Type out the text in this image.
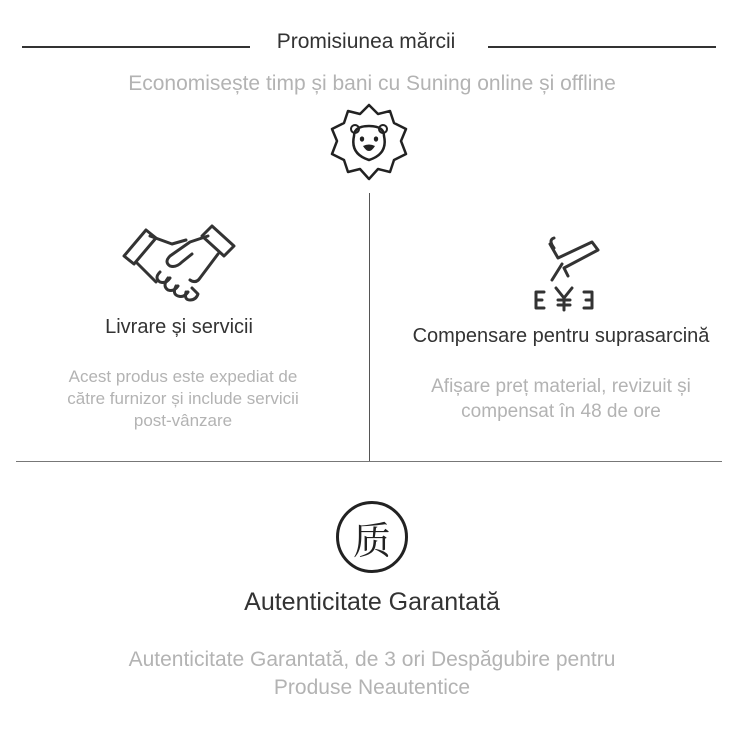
Promisiunea mărcii
Economisește timp și bani cu Suning online și offline
Livrare și servicii
Acest produs este expediat de
către furnizor și include servicii
post-vânzare
Compensare pentru suprasarcină
Afișare preț material, revizuit și
compensat în 48 de ore
质
Autenticitate Garantată
Autenticitate Garantată, de 3 ori Despăgubire pentru
Produse Neautentice
